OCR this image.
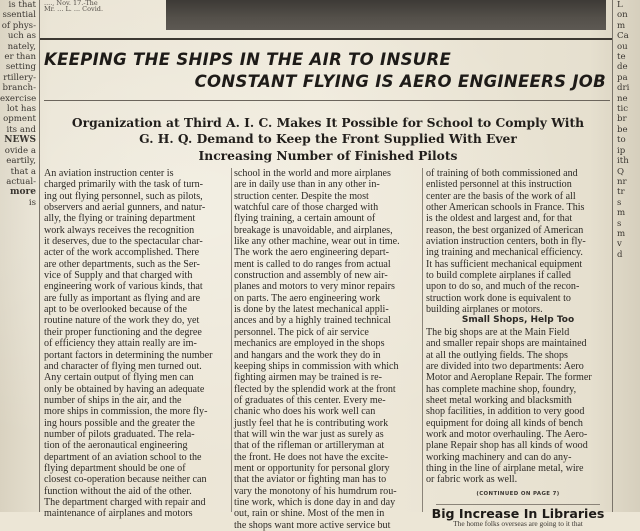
is that
ssential
of phys-
uch as
nately,
er than
setting
rtillery-
branch-
exercise
lot has
opment
its and
NEWS
ovide a
eartily,
that a
actual-
more
is
L
on
m
Ca
ou
te
de
pa
dri
ne
tic
br
be
to
ip
ith
Q
nr
tr
s
m
s
m
v
d
...., Nov. 17.-The
Mr. ... L. ... Covid.
KEEPING THE SHIPS IN THE AIR TO INSURE
CONSTANT FLYING IS AERO ENGINEERS JOB
Organization at Third A. I. C. Makes It Possible for School to Comply With
G. H. Q. Demand to Keep the Front Supplied With Ever
Increasing Number of Finished Pilots
An aviation instruction center is
charged primarily with the task of turn-
ing out flying personnel, such as pilots,
observers and aerial gunners, and natur-
ally, the flying or training department
work always receives the recognition
it deserves, due to the spectacular char-
acter of the work accomplished. There
are other departments, such as the Ser-
vice of Supply and that charged with
engineering work of various kinds, that
are fully as important as flying and are
apt to be overlooked because of the
routine nature of the work they do, yet
their proper functioning and the degree
of efficiency they attain really are im-
portant factors in determining the number
and character of flying men turned out.
Any certain output of flying men can
only be obtained by having an adequate
number of ships in the air, and the
more ships in commission, the more fly-
ing hours possible and the greater the
number of pilots graduated. The rela-
tion of the aeronautical engineering
department of an aviation school to the
flying department should be one of
closest co-operation because neither can
function without the aid of the other.
The department charged with repair and
maintenance of airplanes and motors
school in the world and more airplanes
are in daily use than in any other in-
struction center. Despite the most
watchful care of those charged with
flying training, a certain amount of
breakage is unavoidable, and airplanes,
like any other machine, wear out in time.
The work the aero engineering depart-
ment is called to do ranges from actual
construction and assembly of new air-
planes and motors to very minor repairs
on parts. The aero engineering work
is done by the latest mechanical appli-
ances and by a highly trained technical
personnel. The pick of air service
mechanics are employed in the shops
and hangars and the work they do in
keeping ships in commission with which
fighting airmen may be trained is re-
flected by the splendid work at the front
of graduates of this center. Every me-
chanic who does his work well can
justly feel that he is contributing work
that will win the war just as surely as
that of the rifleman or artilleryman at
the front. He does not have the excite-
ment or opportunity for personal glory
that the aviator or fighting man has to
vary the monotony of his humdrum rou-
tine work, which is done day in and day
out, rain or shine. Most of the men in
the shops want more active service but
of training of both commissioned and
enlisted personnel at this instruction
center are the basis of the work of all
other American schools in France. This
is the oldest and largest and, for that
reason, the best organized of American
aviation instruction centers, both in fly-
ing training and mechanical efficiency.
It has sufficient mechanical equipment
to build complete airplanes if called
upon to do so, and much of the recon-
struction work done is equivalent to
building airplanes or motors.
Small Shops, Help Too
The big shops are at the Main Field
and smaller repair shops are maintained
at all the outlying fields. The shops
are divided into two departments: Aero
Motor and Aeroplane Repair. The former
has complete machine shop, foundry,
sheet metal working and blacksmith
shop facilities, in addition to very good
equipment for doing all kinds of bench
work and motor overhauling. The Aero-
plane Repair shop has all kinds of wood
working machinery and can do any-
thing in the line of airplane metal, wire
or fabric work as well.
(CONTINUED ON PAGE 7)
Big Increase In Libraries
The home folks overseas are going to it that
